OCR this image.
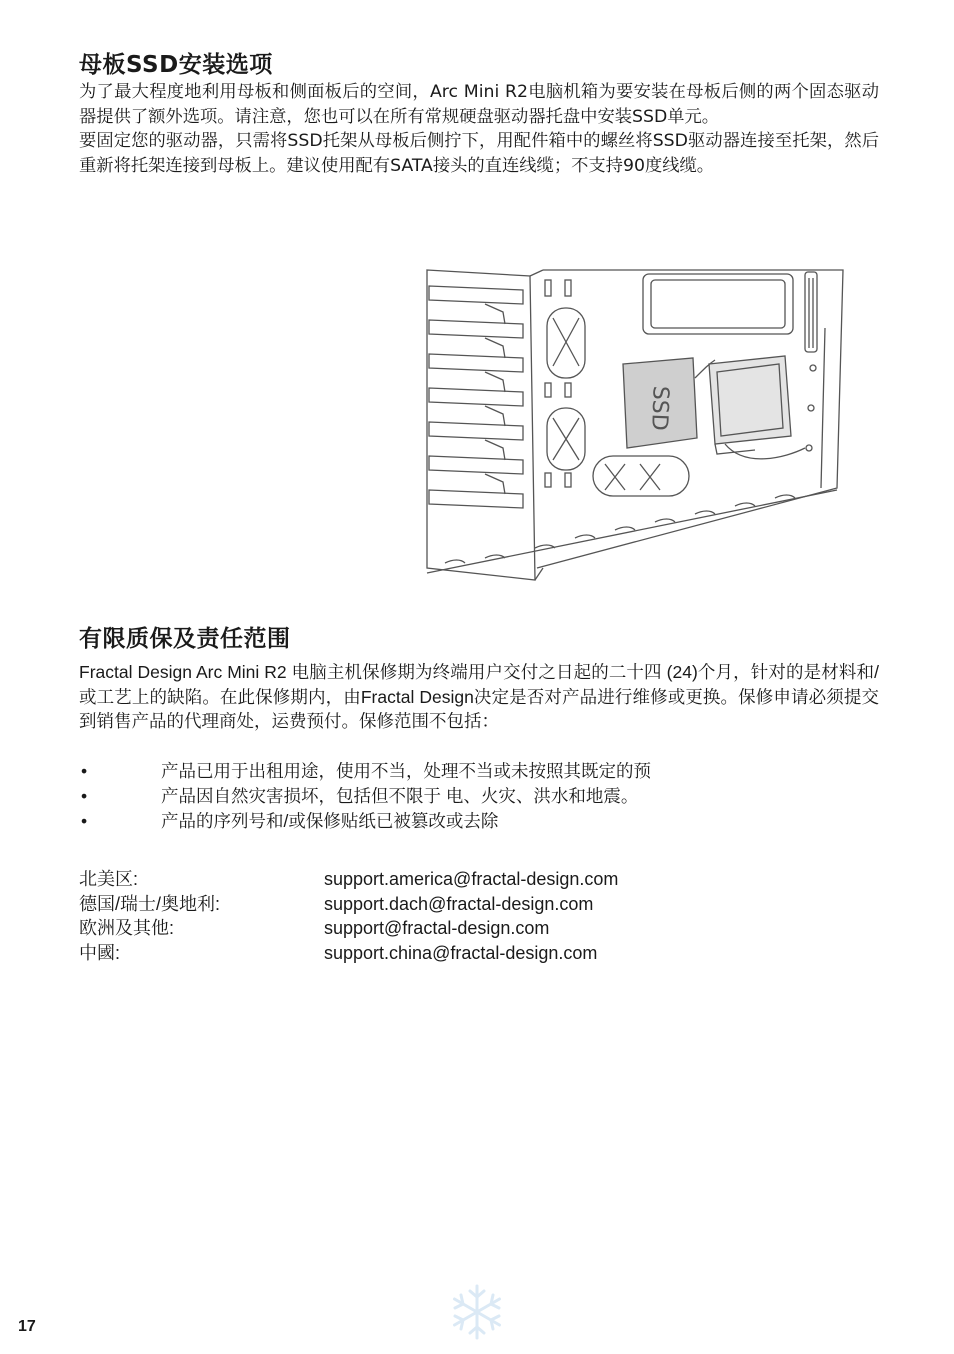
母板SSD安装选项

为了最大程度地利用母板和侧面板后的空间，Arc Mini R2电脑机箱为要安装在母板后侧的两个固态驱动器提供了额外选项。请注意，您也可以在所有常规硬盘驱动器托盘中安装SSD单元。

要固定您的驱动器，只需将SSD托架从母板后侧拧下，用配件箱中的螺丝将SSD驱动器连接至托架，然后重新将托架连接到母板上。建议使用配有SATA接头的直连线缆；不支持90度线缆。

SSD
有限质保及责任范围

Fractal Design Arc Mini R2 电脑主机保修期为终端用户交付之日起的二十四 (24)个月，针对的是材料和/或工艺上的缺陷。在此保修期内，由Fractal Design决定是否对产品进行维修或更换。保修申请必须提交到销售产品的代理商处，运费预付。保修范围不包括：

•	产品已用于出租用途，使用不当，处理不当或未按照其既定的预
•	产品因自然灾害损坏，包括但不限于 电、火灾、洪水和地震。
•	产品的序列号和/或保修贴纸已被篡改或去除
北美区:	support.america@fractal-design.com
德国/瑞士/奥地利:	support.dach@fractal-design.com
欧洲及其他:	support@fractal-design.com
中國:	support.china@fractal-design.com
17
